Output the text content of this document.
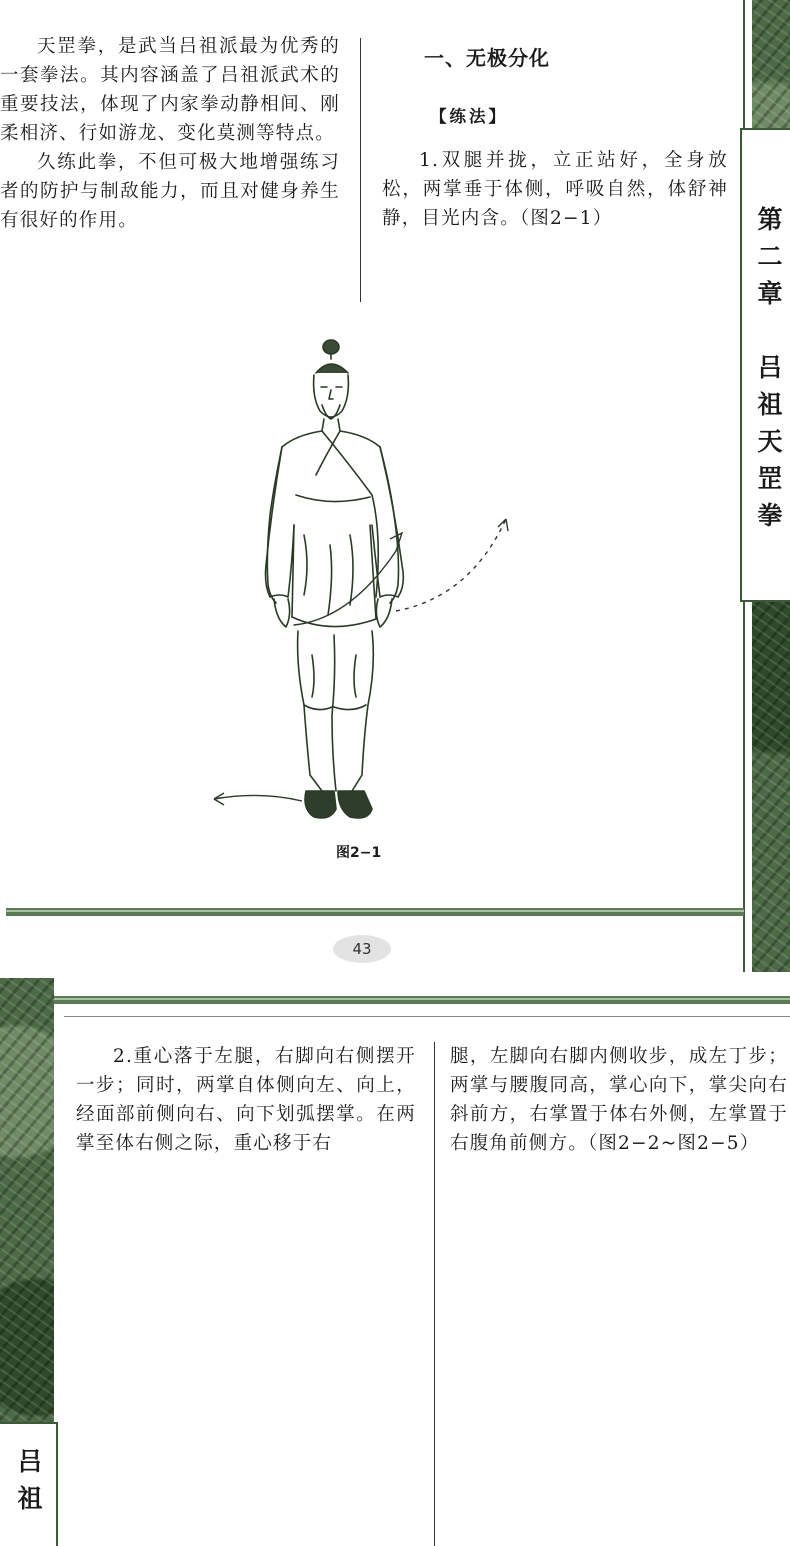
天罡拳，是武当吕祖派最为优秀的一套拳法。其内容涵盖了吕祖派武术的重要技法，体现了内家拳动静相间、刚柔相济、行如游龙、变化莫测等特点。

久练此拳，不但可极大地增强练习者的防护与制敌能力，而且对健身养生有很好的作用。

一、无极分化
【练法】

1.双腿并拢，立正站好，全身放松，两掌垂于体侧，呼吸自然，体舒神静，目光内含。（图2−1）

图2−1
第二章　吕祖天罡拳
43
吕祖

2.重心落于左腿，右脚向右侧摆开一步；同时，两掌自体侧向左、向上，经面部前侧向右、向下划弧摆掌。在两掌至体右侧之际，重心移于右

腿，左脚向右脚内侧收步，成左丁步；两掌与腰腹同高，掌心向下，掌尖向右斜前方，右掌置于体右外侧，左掌置于右腹角前侧方。（图2−2~图2−5）
